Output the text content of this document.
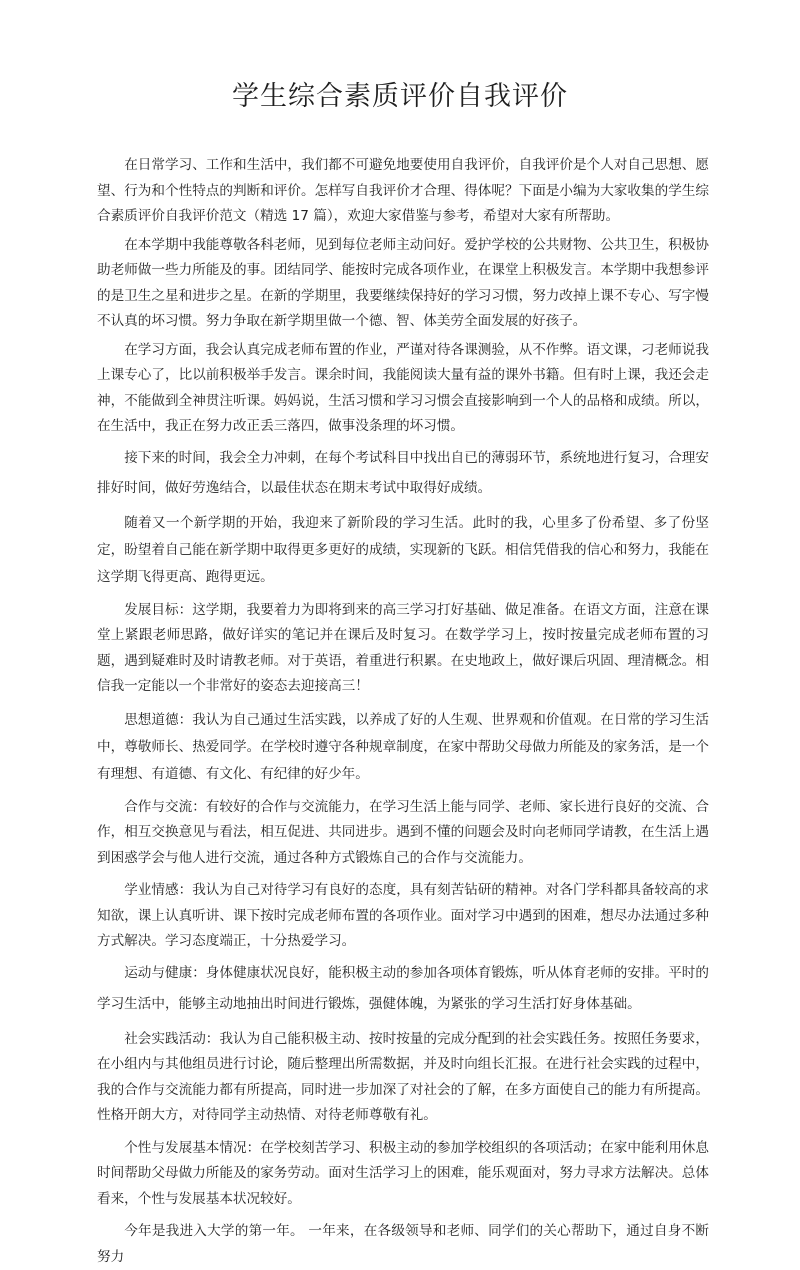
学生综合素质评价自我评价

在日常学习、工作和生活中，我们都不可避免地要使用自我评价，自我评价是个人对自己思想、愿望、行为和个性特点的判断和评价。怎样写自我评价才合理、得体呢？下面是小编为大家收集的学生综合素质评价自我评价范文（精选 17 篇），欢迎大家借鉴与参考，希望对大家有所帮助。

在本学期中我能尊敬各科老师，见到每位老师主动问好。爱护学校的公共财物、公共卫生，积极协助老师做一些力所能及的事。团结同学、能按时完成各项作业，在课堂上积极发言。本学期中我想参评的是卫生之星和进步之星。在新的学期里，我要继续保持好的学习习惯，努力改掉上课不专心、写字慢不认真的坏习惯。努力争取在新学期里做一个德、智、体美劳全面发展的好孩子。

在学习方面，我会认真完成老师布置的作业，严谨对待各课测验，从不作弊。语文课，刁老师说我上课专心了，比以前积极举手发言。课余时间，我能阅读大量有益的课外书籍。但有时上课，我还会走神，不能做到全神贯注听课。妈妈说，生活习惯和学习习惯会直接影响到一个人的品格和成绩。所以，在生活中，我正在努力改正丢三落四，做事没条理的坏习惯。

接下来的时间，我会全力冲刺，在每个考试科目中找出自已的薄弱环节，系统地进行复习，合理安排好时间，做好劳逸结合，以最佳状态在期末考试中取得好成绩。

随着又一个新学期的开始，我迎来了新阶段的学习生活。此时的我，心里多了份希望、多了份坚定，盼望着自己能在新学期中取得更多更好的成绩，实现新的飞跃。相信凭借我的信心和努力，我能在这学期飞得更高、跑得更远。

发展目标：这学期，我要着力为即将到来的高三学习打好基础、做足准备。在语文方面，注意在课堂上紧跟老师思路，做好详实的笔记并在课后及时复习。在数学学习上，按时按量完成老师布置的习题，遇到疑难时及时请教老师。对于英语，着重进行积累。在史地政上，做好课后巩固、理清概念。相信我一定能以一个非常好的姿态去迎接高三！

思想道德：我认为自己通过生活实践，以养成了好的人生观、世界观和价值观。在日常的学习生活中，尊敬师长、热爱同学。在学校时遵守各种规章制度，在家中帮助父母做力所能及的家务活，是一个有理想、有道德、有文化、有纪律的好少年。

合作与交流：有较好的合作与交流能力，在学习生活上能与同学、老师、家长进行良好的交流、合作，相互交换意见与看法，相互促进、共同进步。遇到不懂的问题会及时向老师同学请教，在生活上遇到困惑学会与他人进行交流，通过各种方式锻炼自己的合作与交流能力。

学业情感：我认为自己对待学习有良好的态度，具有刻苦钻研的精神。对各门学科都具备较高的求知欲，课上认真听讲、课下按时完成老师布置的各项作业。面对学习中遇到的困难，想尽办法通过多种方式解决。学习态度端正，十分热爱学习。

运动与健康：身体健康状况良好，能积极主动的参加各项体育锻炼，听从体育老师的安排。平时的学习生活中，能够主动地抽出时间进行锻炼，强健体魄，为紧张的学习生活打好身体基础。

社会实践活动：我认为自己能积极主动、按时按量的完成分配到的社会实践任务。按照任务要求，在小组内与其他组员进行讨论，随后整理出所需数据，并及时向组长汇报。在进行社会实践的过程中，我的合作与交流能力都有所提高，同时进一步加深了对社会的了解，在多方面使自己的能力有所提高。性格开朗大方，对待同学主动热情、对待老师尊敬有礼。

个性与发展基本情况：在学校刻苦学习、积极主动的参加学校组织的各项活动；在家中能利用休息时间帮助父母做力所能及的家务劳动。面对生活学习上的困难，能乐观面对，努力寻求方法解决。总体看来，个性与发展基本状况较好。

今年是我进入大学的第一年。 一年来，在各级领导和老师、同学们的关心帮助下，通过自身不断努力
